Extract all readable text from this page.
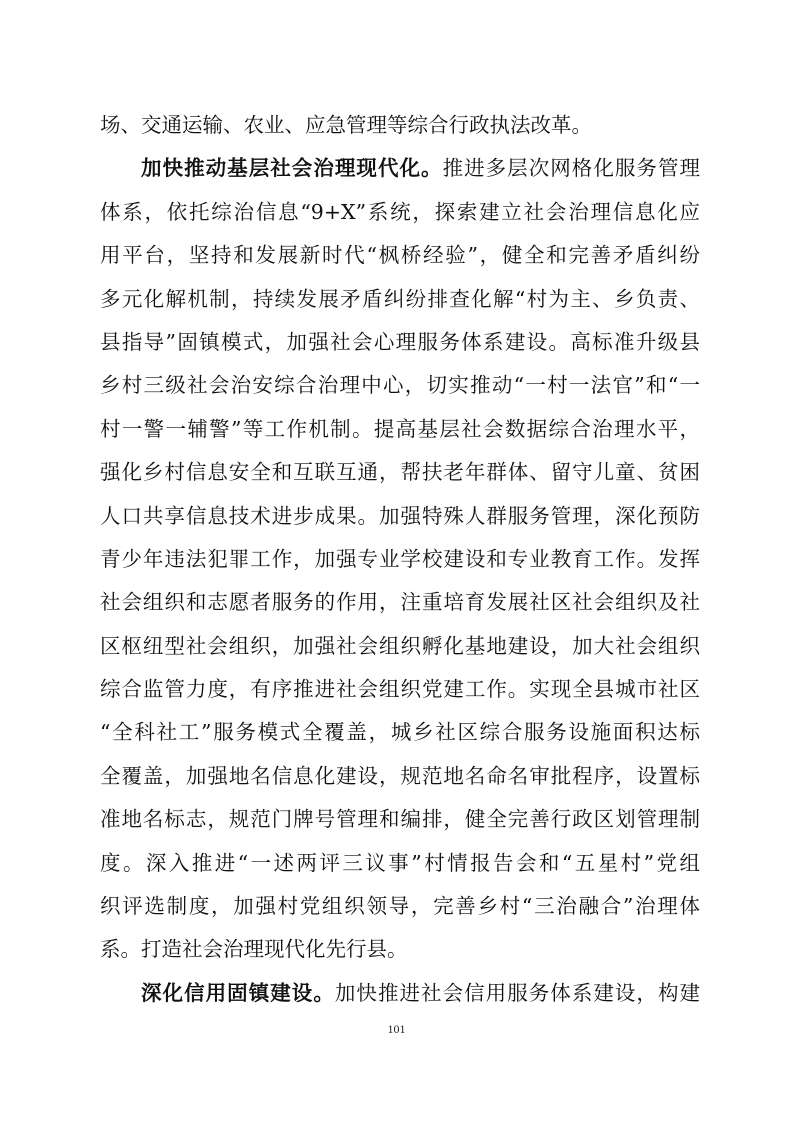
场、交通运输、农业、应急管理等综合行政执法改革。
加快推动基层社会治理现代化。推进多层次网格化服务管理
体系，依托综治信息“9+X”系统，探索建立社会治理信息化应
用平台，坚持和发展新时代“枫桥经验”，健全和完善矛盾纠纷
多元化解机制，持续发展矛盾纠纷排查化解“村为主、乡负责、
县指导”固镇模式，加强社会心理服务体系建设。高标准升级县
乡村三级社会治安综合治理中心，切实推动“一村一法官”和“一
村一警一辅警”等工作机制。提高基层社会数据综合治理水平，
强化乡村信息安全和互联互通，帮扶老年群体、留守儿童、贫困
人口共享信息技术进步成果。加强特殊人群服务管理，深化预防
青少年违法犯罪工作，加强专业学校建设和专业教育工作。发挥
社会组织和志愿者服务的作用，注重培育发展社区社会组织及社
区枢纽型社会组织，加强社会组织孵化基地建设，加大社会组织
综合监管力度，有序推进社会组织党建工作。实现全县城市社区
“全科社工”服务模式全覆盖，城乡社区综合服务设施面积达标
全覆盖，加强地名信息化建设，规范地名命名审批程序，设置标
准地名标志，规范门牌号管理和编排，健全完善行政区划管理制
度。深入推进“一述两评三议事”村情报告会和“五星村”党组
织评选制度，加强村党组织领导，完善乡村“三治融合”治理体
系。打造社会治理现代化先行县。
深化信用固镇建设。加快推进社会信用服务体系建设，构建
101
